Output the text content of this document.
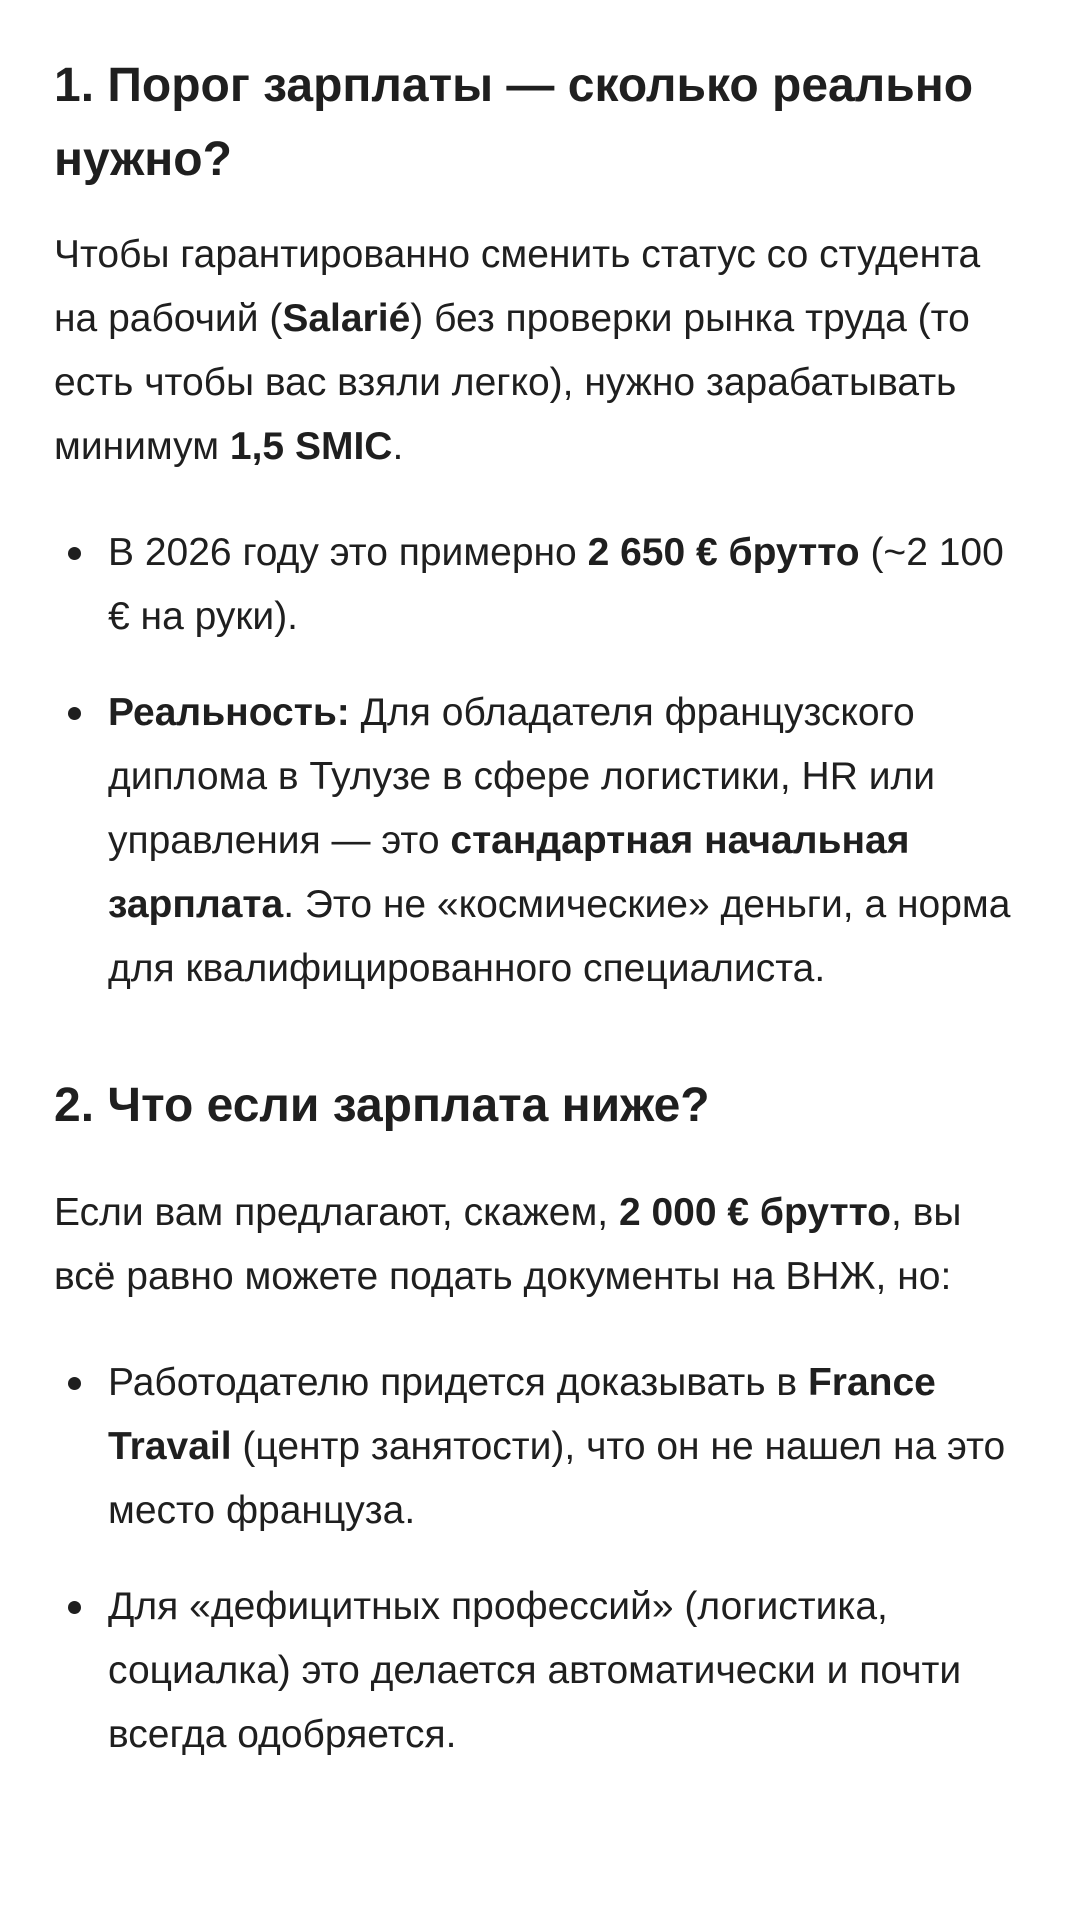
1. Порог зарплаты — сколько реально нужно?

Чтобы гарантированно сменить статус со студента на рабочий (Salarié) без проверки рынка труда (то есть чтобы вас взяли легко), нужно зарабатывать минимум 1,5 SMIC.

В 2026 году это примерно 2 650 € брутто (~2 100 € на руки).
Реальность: Для обладателя французского диплома в Тулузе в сфере логистики, HR или управления — это стандартная начальная зарплата. Это не «космические» деньги, а норма для квалифицированного специалиста.
2. Что если зарплата ниже?

Если вам предлагают, скажем, 2 000 € брутто, вы всё равно можете подать документы на ВНЖ, но:

Работодателю придется доказывать в France Travail (центр занятости), что он не нашел на это место француза.
Для «дефицитных профессий» (логистика, социалка) это делается автоматически и почти всегда одобряется.
